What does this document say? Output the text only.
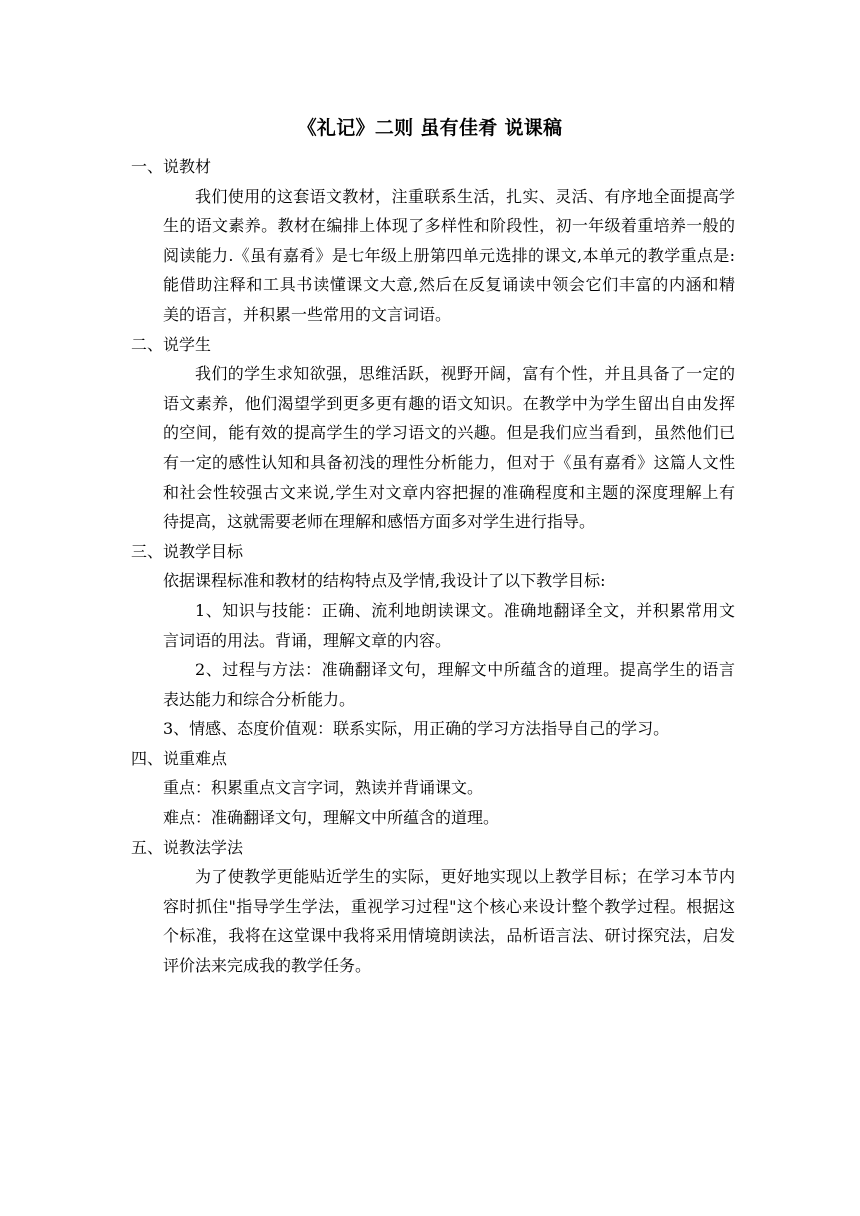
《礼记》二则 虽有佳肴 说课稿

一、说教材

我们使用的这套语文教材，注重联系生活，扎实、灵活、有序地全面提高学
生的语文素养。教材在编排上体现了多样性和阶段性，初一年级着重培养一般的
阅读能力.《虽有嘉肴》是七年级上册第四单元选排的课文,本单元的教学重点是:
能借助注释和工具书读懂课文大意,然后在反复诵读中领会它们丰富的内涵和精
美的语言，并积累一些常用的文言词语。

二、说学生

我们的学生求知欲强，思维活跃，视野开阔，富有个性，并且具备了一定的
语文素养，他们渴望学到更多更有趣的语文知识。在教学中为学生留出自由发挥
的空间，能有效的提高学生的学习语文的兴趣。但是我们应当看到，虽然他们已
有一定的感性认知和具备初浅的理性分析能力，但对于《虽有嘉肴》这篇人文性
和社会性较强古文来说,学生对文章内容把握的准确程度和主题的深度理解上有
待提高，这就需要老师在理解和感悟方面多对学生进行指导。

三、说教学目标

依据课程标准和教材的结构特点及学情,我设计了以下教学目标:

1、知识与技能：正确、流利地朗读课文。准确地翻译全文，并积累常用文
言词语的用法。背诵，理解文章的内容。
2、过程与方法：准确翻译文句，理解文中所蕴含的道理。提高学生的语言
表达能力和综合分析能力。

3、情感、态度价值观：联系实际，用正确的学习方法指导自己的学习。

四、说重难点

重点：积累重点文言字词，熟读并背诵课文。

难点：准确翻译文句，理解文中所蕴含的道理。

五、说教法学法

为了使教学更能贴近学生的实际，更好地实现以上教学目标；在学习本节内
容时抓住"指导学生学法，重视学习过程"这个核心来设计整个教学过程。根据这
个标准，我将在这堂课中我将采用情境朗读法，品析语言法、研讨探究法，启发
评价法来完成我的教学任务。
